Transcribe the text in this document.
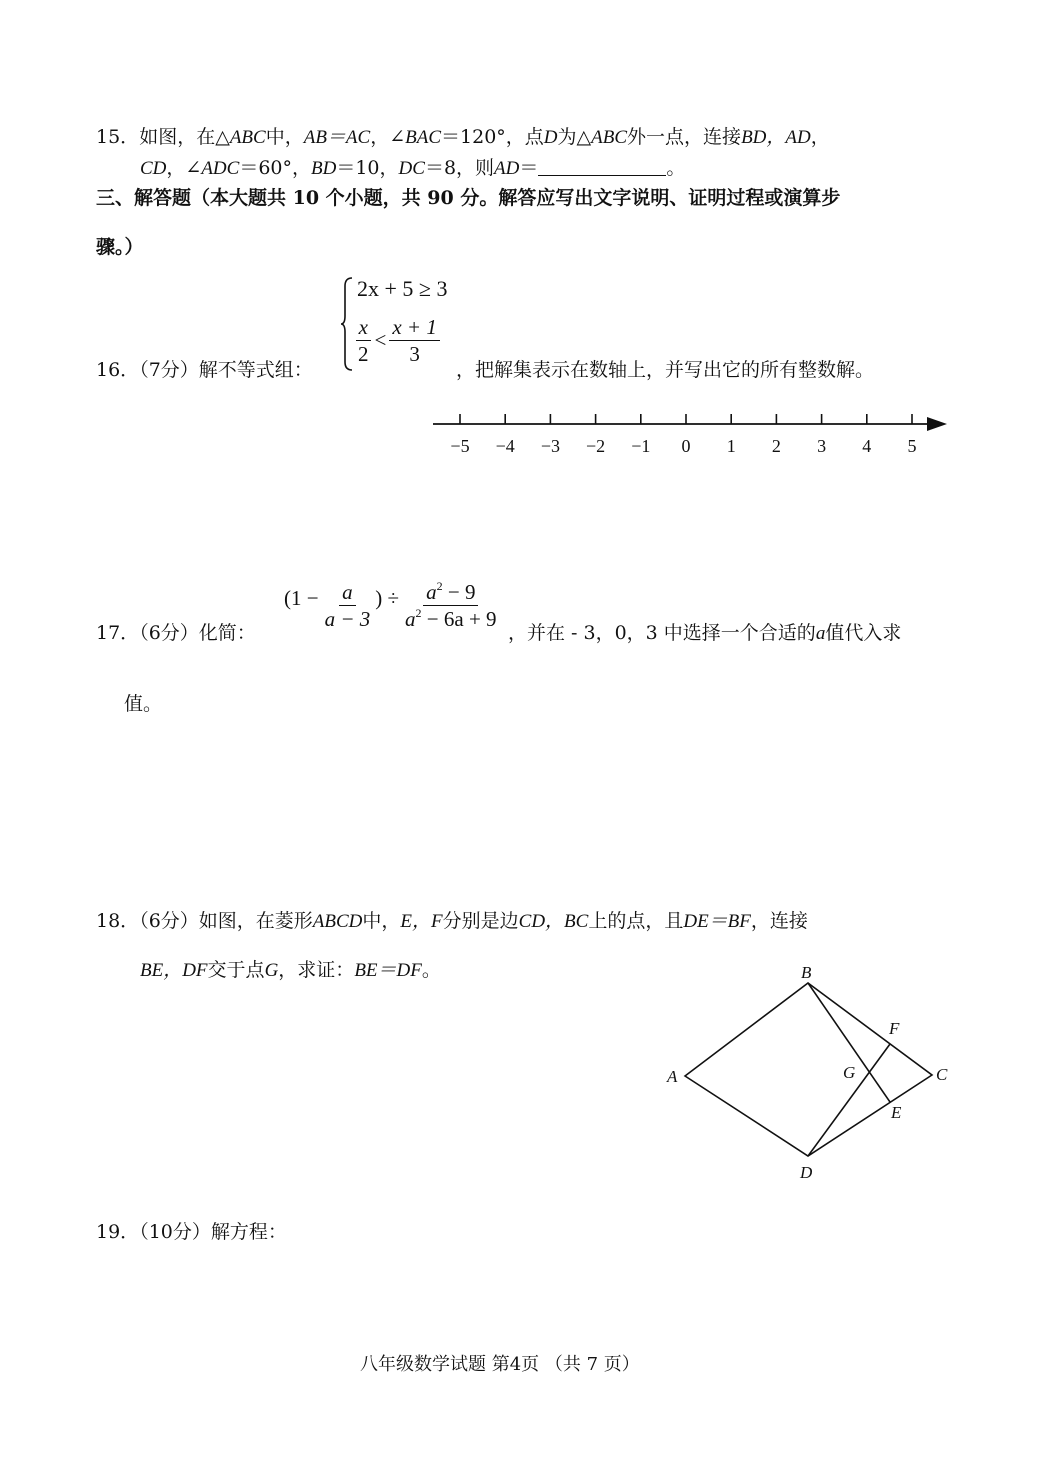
15．如图，在△ABC中，AB＝AC，∠BAC＝120°，点D为△ABC外一点，连接BD，AD，
CD，∠ADC＝60°，BD＝10，DC＝8，则AD＝	。
三、解答题（本大题共 10 个小题，共 90 分。解答应写出文字说明、证明过程或演算步
骤。）
16．（7分）解不等式组：
2x + 5 ≥ 3
$\frac{x}{2} < \frac{x + 1}{3}$
，把解集表示在数轴上，并写出它的所有整数解。
−5 −4 −3 −2 −1 0 1 2 3 4 5
17．（6分）化简：
($1 - \frac{a}{a - 3}$ ) ÷ $\frac{a^2 - 9}{a^2 - 6a + 9}$
，并在 - 3，0，3 中选择一个合适的a值代入求
值。
18．（6分）如图，在菱形ABCD中，E，F分别是边CD，BC上的点，且DE＝BF，连接
BE，DF交于点G，求证：BE＝DF。
A
B
C
D
E
F
G
19．（10分）解方程：
八年级数学试题 第4页 （共 7 页）
